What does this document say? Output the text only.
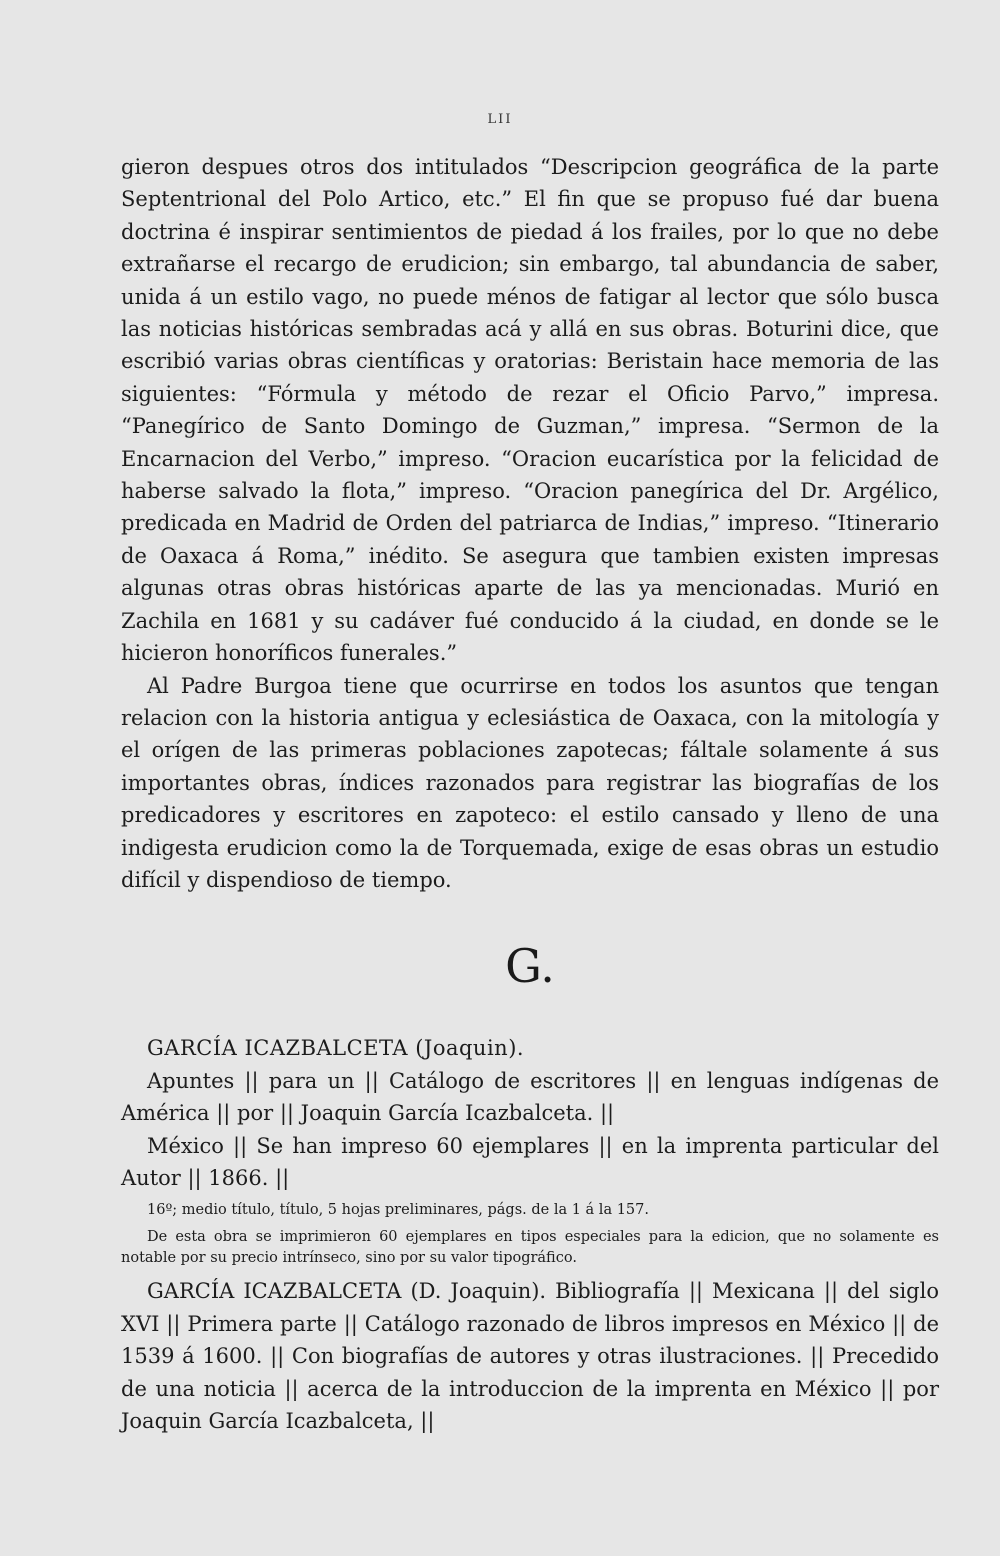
LII

gieron despues otros dos intitulados “Descripcion geográfica de la parte Septentrional del Polo Artico, etc.” El fin que se propuso fué dar buena doctrina é inspirar sentimientos de piedad á los frailes, por lo que no debe extrañarse el recargo de erudicion; sin embargo, tal abundancia de saber, unida á un estilo vago, no puede ménos de fatigar al lector que sólo busca las noticias históricas sembradas acá y allá en sus obras. Boturini dice, que escribió varias obras científicas y oratorias: Beristain hace memoria de las siguientes: “Fórmula y método de rezar el Oficio Parvo,” impresa. “Panegírico de Santo Domingo de Guzman,” impresa. “Sermon de la Encarnacion del Verbo,” impreso. “Oracion eucarística por la felicidad de haberse salvado la flota,” impreso. “Oracion panegírica del Dr. Argélico, predicada en Madrid de Orden del patriarca de Indias,” impreso. “Itinerario de Oaxaca á Roma,” inédito. Se asegura que tambien existen impresas algunas otras obras históricas aparte de las ya mencionadas. Murió en Zachila en 1681 y su cadáver fué conducido á la ciudad, en donde se le hicieron honoríficos funerales.”

Al Padre Burgoa tiene que ocurrirse en todos los asuntos que tengan relacion con la historia antigua y eclesiástica de Oaxaca, con la mitología y el orígen de las primeras poblaciones zapotecas; fáltale solamente á sus importantes obras, índices razonados para registrar las biografías de los predicadores y escritores en zapoteco: el estilo cansado y lleno de una indigesta erudicion como la de Torquemada, exige de esas obras un estudio difícil y dispendioso de tiempo.

G.

GARCÍA ICAZBALCETA (Joaquin).

Apuntes || para un || Catálogo de escritores || en lenguas indígenas de América || por || Joaquin García Icazbalceta. ||

México || Se han impreso 60 ejemplares || en la imprenta particular del Autor || 1866. ||

16º; medio título, título, 5 hojas preliminares, págs. de la 1 á la 157.

De esta obra se imprimieron 60 ejemplares en tipos especiales para la edicion, que no solamente es notable por su precio intrínseco, sino por su valor tipográfico.

GARCÍA ICAZBALCETA (D. Joaquin). Bibliografía || Mexicana || del siglo XVI || Primera parte || Catálogo razonado de libros impresos en México || de 1539 á 1600. || Con biografías de autores y otras ilustraciones. || Precedido de una noticia || acerca de la introduccion de la imprenta en México || por Joaquin García Icazbalceta, ||
